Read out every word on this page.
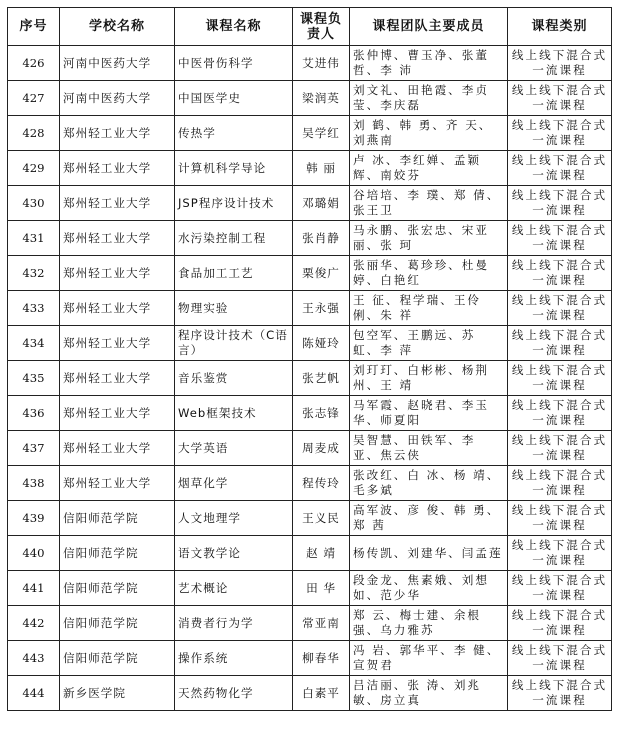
序号	学校名称	课程名称	课程负责人	课程团队主要成员	课程类别
426	河南中医药大学	中医骨伤科学	艾进伟	张仲博、曹玉净、张董哲、李 沛	线上线下混合式一流课程
427	河南中医药大学	中国医学史	梁润英	刘文礼、田艳霞、李贞莹、李庆磊	线上线下混合式一流课程
428	郑州轻工业大学	传热学	吴学红	刘 鹤、韩 勇、齐 天、刘燕南	线上线下混合式一流课程
429	郑州轻工业大学	计算机科学导论	韩 丽	卢 冰、李红婵、孟颖辉、南姣芬	线上线下混合式一流课程
430	郑州轻工业大学	JSP程序设计技术	邓璐娟	谷培培、李 璞、郑 倩、张王卫	线上线下混合式一流课程
431	郑州轻工业大学	水污染控制工程	张肖静	马永鹏、张宏忠、宋亚丽、张 珂	线上线下混合式一流课程
432	郑州轻工业大学	食品加工工艺	栗俊广	张丽华、葛珍珍、杜曼婷、白艳红	线上线下混合式一流课程
433	郑州轻工业大学	物理实验	王永强	王 征、程学瑞、王伶俐、朱 祥	线上线下混合式一流课程
434	郑州轻工业大学	程序设计技术（C语言）	陈娅玲	包空军、王鹏远、苏 虹、李 萍	线上线下混合式一流课程
435	郑州轻工业大学	音乐鉴赏	张艺帆	刘玎玎、白彬彬、杨荆州、王 靖	线上线下混合式一流课程
436	郑州轻工业大学	Web框架技术	张志锋	马军霞、赵晓君、李玉华、师夏阳	线上线下混合式一流课程
437	郑州轻工业大学	大学英语	周麦成	吴智慧、田铁军、李 亚、焦云侠	线上线下混合式一流课程
438	郑州轻工业大学	烟草化学	程传玲	张改红、白 冰、杨 靖、毛多斌	线上线下混合式一流课程
439	信阳师范学院	人文地理学	王义民	高军波、彦 俊、韩 勇、郑 茜	线上线下混合式一流课程
440	信阳师范学院	语文教学论	赵 靖	杨传凯、刘建华、闫孟莲	线上线下混合式一流课程
441	信阳师范学院	艺术概论	田 华	段金龙、焦素娥、刘想如、范少华	线上线下混合式一流课程
442	信阳师范学院	消费者行为学	常亚南	郑 云、梅士建、余根强、乌力雅苏	线上线下混合式一流课程
443	信阳师范学院	操作系统	柳春华	冯 岩、郭华平、李 健、宣贺君	线上线下混合式一流课程
444	新乡医学院	天然药物化学	白素平	吕洁丽、张 涛、刘兆敏、房立真	线上线下混合式一流课程
